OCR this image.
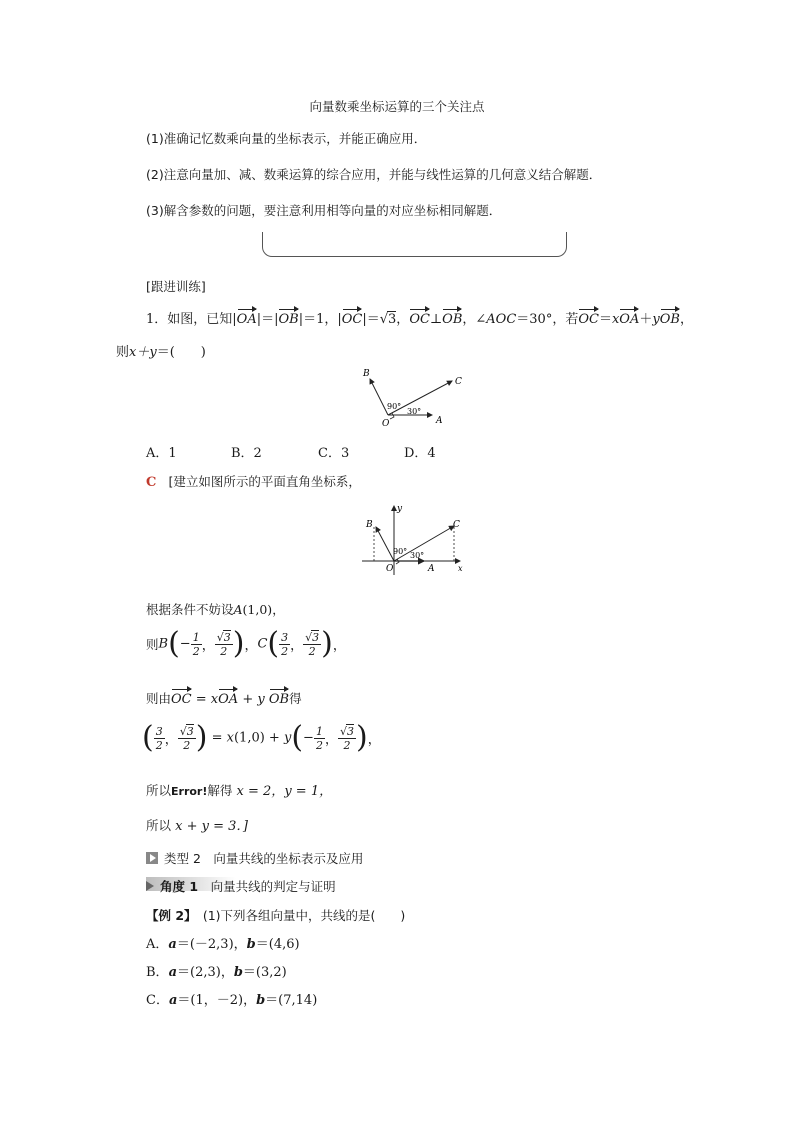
向量数乘坐标运算的三个关注点
(1)准确记忆数乘向量的坐标表示，并能正确应用．
(2)注意向量加、减、数乘运算的综合应用，并能与线性运算的几何意义结合解题．
(3)解含参数的问题，要注意利用相等向量的对应坐标相同解题．
[跟进训练]
1．如图，已知|OA|＝|OB|＝1，|OC|＝√3，OC⊥OB，∠AOC＝30°，若OC＝xOA＋yOB，
则x＋y＝(　　)
B
C
O	A
90°
30°
A．1	B．2	C．3	D．4
C [建立如图所示的平面直角坐标系，
B
y
C
O	A	x
90° 30°
根据条件不妨设A(1,0)，
则$B(- \frac{1}{2}$ ， $\frac{√3}{2}$ )，$C( \frac{3}{2}$ ， $\frac{√3}{2}$ )，
则由OC = xOA + y OB得
( $\frac{3}{2}$ ， $\frac{√3}{2}$ ) = $x(1,0) + y(- \frac{1}{2}$ ， $\frac{√3}{2}$ )，
所以Error!解得 x = 2，y = 1，
所以 x + y = 3．]
类型 2　向量共线的坐标表示及应用
角度 1　 向量共线的判定与证明
【例 2】　(1)下列各组向量中，共线的是(　　)
A．a＝(－2,3)，b＝(4,6)
B．a＝(2,3)，b＝(3,2)
C．a＝(1，－2)，b＝(7,14)
